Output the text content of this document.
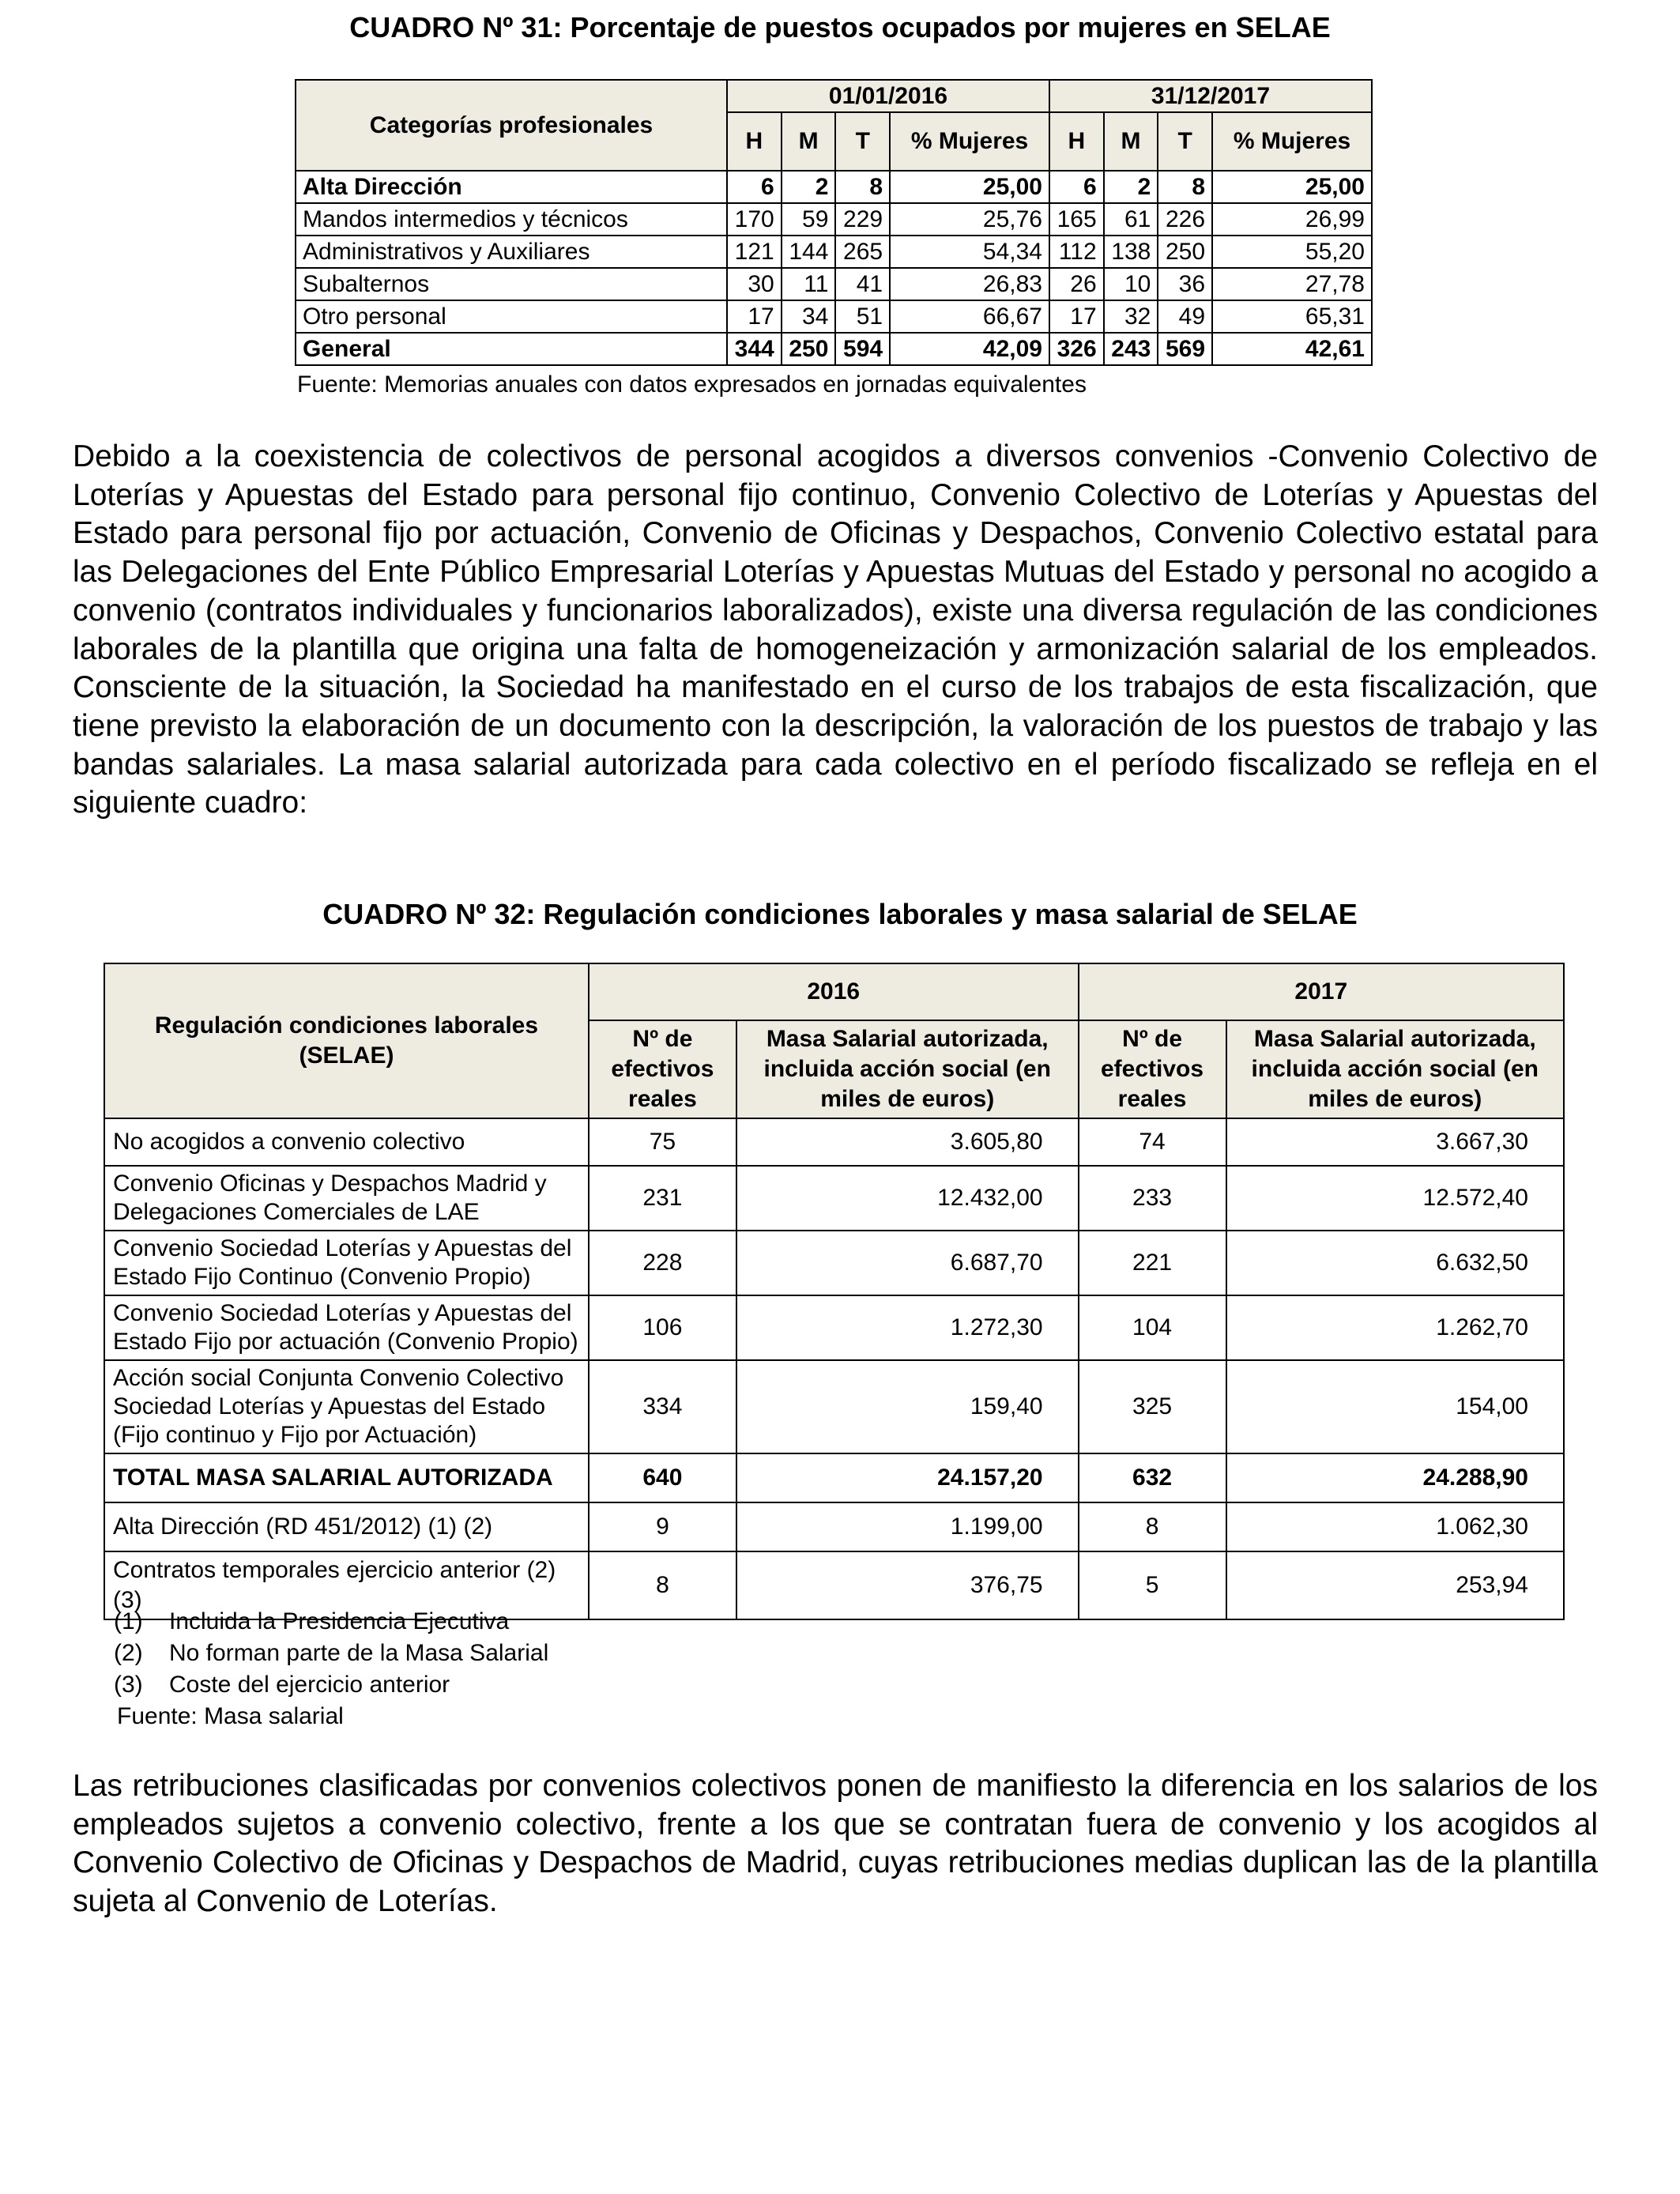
CUADRO Nº 31: Porcentaje de puestos ocupados por mujeres en SELAE
Categorías profesionales	01/01/2016				31/12/2017			
	H	M	T	% Mujeres	H	M	T	% Mujeres
Alta Dirección	6	2	8	25,00	6	2	8	25,00
Mandos intermedios y técnicos	170	59	229	25,76	165	61	226	26,99
Administrativos y Auxiliares	121	144	265	54,34	112	138	250	55,20
Subalternos	30	11	41	26,83	26	10	36	27,78
Otro personal	17	34	51	66,67	17	32	49	65,31
General	344	250	594	42,09	326	243	569	42,61
Fuente: Memorias anuales con datos expresados en jornadas equivalentes
Debido a la coexistencia de colectivos de personal acogidos a diversos convenios -Convenio Colectivo de Loterías y Apuestas del Estado para personal fijo continuo, Convenio Colectivo de Loterías y Apuestas del Estado para personal fijo por actuación, Convenio de Oficinas y Despachos, Convenio Colectivo estatal para las Delegaciones del Ente Público Empresarial Loterías y Apuestas Mutuas del Estado y personal no acogido a convenio (contratos individuales y funcionarios laboralizados), existe una diversa regulación de las condiciones laborales de la plantilla que origina una falta de homogeneización y armonización salarial de los empleados. Consciente de la situación, la Sociedad ha manifestado en el curso de los trabajos de esta fiscalización, que tiene previsto la elaboración de un documento con la descripción, la valoración de los puestos de trabajo y las bandas salariales. La masa salarial autorizada para cada colectivo en el período fiscalizado se refleja en el siguiente cuadro:
CUADRO Nº 32: Regulación condiciones laborales y masa salarial de SELAE
Regulación condiciones laborales (SELAE)	2016		2017	
	Nº de efectivos reales	Masa Salarial autorizada, incluida acción social (en miles de euros)	Nº de efectivos reales	Masa Salarial autorizada, incluida acción social (en miles de euros)
No acogidos a convenio colectivo	75	3.605,80	74	3.667,30
Convenio Oficinas y Despachos Madrid y Delegaciones Comerciales de LAE	231	12.432,00	233	12.572,40
Convenio Sociedad Loterías y Apuestas del Estado Fijo Continuo (Convenio Propio)	228	6.687,70	221	6.632,50
Convenio Sociedad Loterías y Apuestas del Estado Fijo por actuación (Convenio Propio)	106	1.272,30	104	1.262,70
Acción social Conjunta Convenio Colectivo Sociedad Loterías y Apuestas del Estado (Fijo continuo y Fijo por Actuación)	334	159,40	325	154,00
TOTAL MASA SALARIAL AUTORIZADA	640	24.157,20	632	24.288,90
Alta Dirección (RD 451/2012) (1) (2)	9	1.199,00	8	1.062,30
Contratos temporales ejercicio anterior (2) (3)	8	376,75	5	253,94
(1)	Incluida la Presidencia Ejecutiva
(2)	No forman parte de la Masa Salarial
(3)	Coste del ejercicio anterior
Fuente: Masa salarial
Las retribuciones clasificadas por convenios colectivos ponen de manifiesto la diferencia en los salarios de los empleados sujetos a convenio colectivo, frente a los que se contratan fuera de convenio y los acogidos al Convenio Colectivo de Oficinas y Despachos de Madrid, cuyas retribuciones medias duplican las de la plantilla sujeta al Convenio de Loterías.
